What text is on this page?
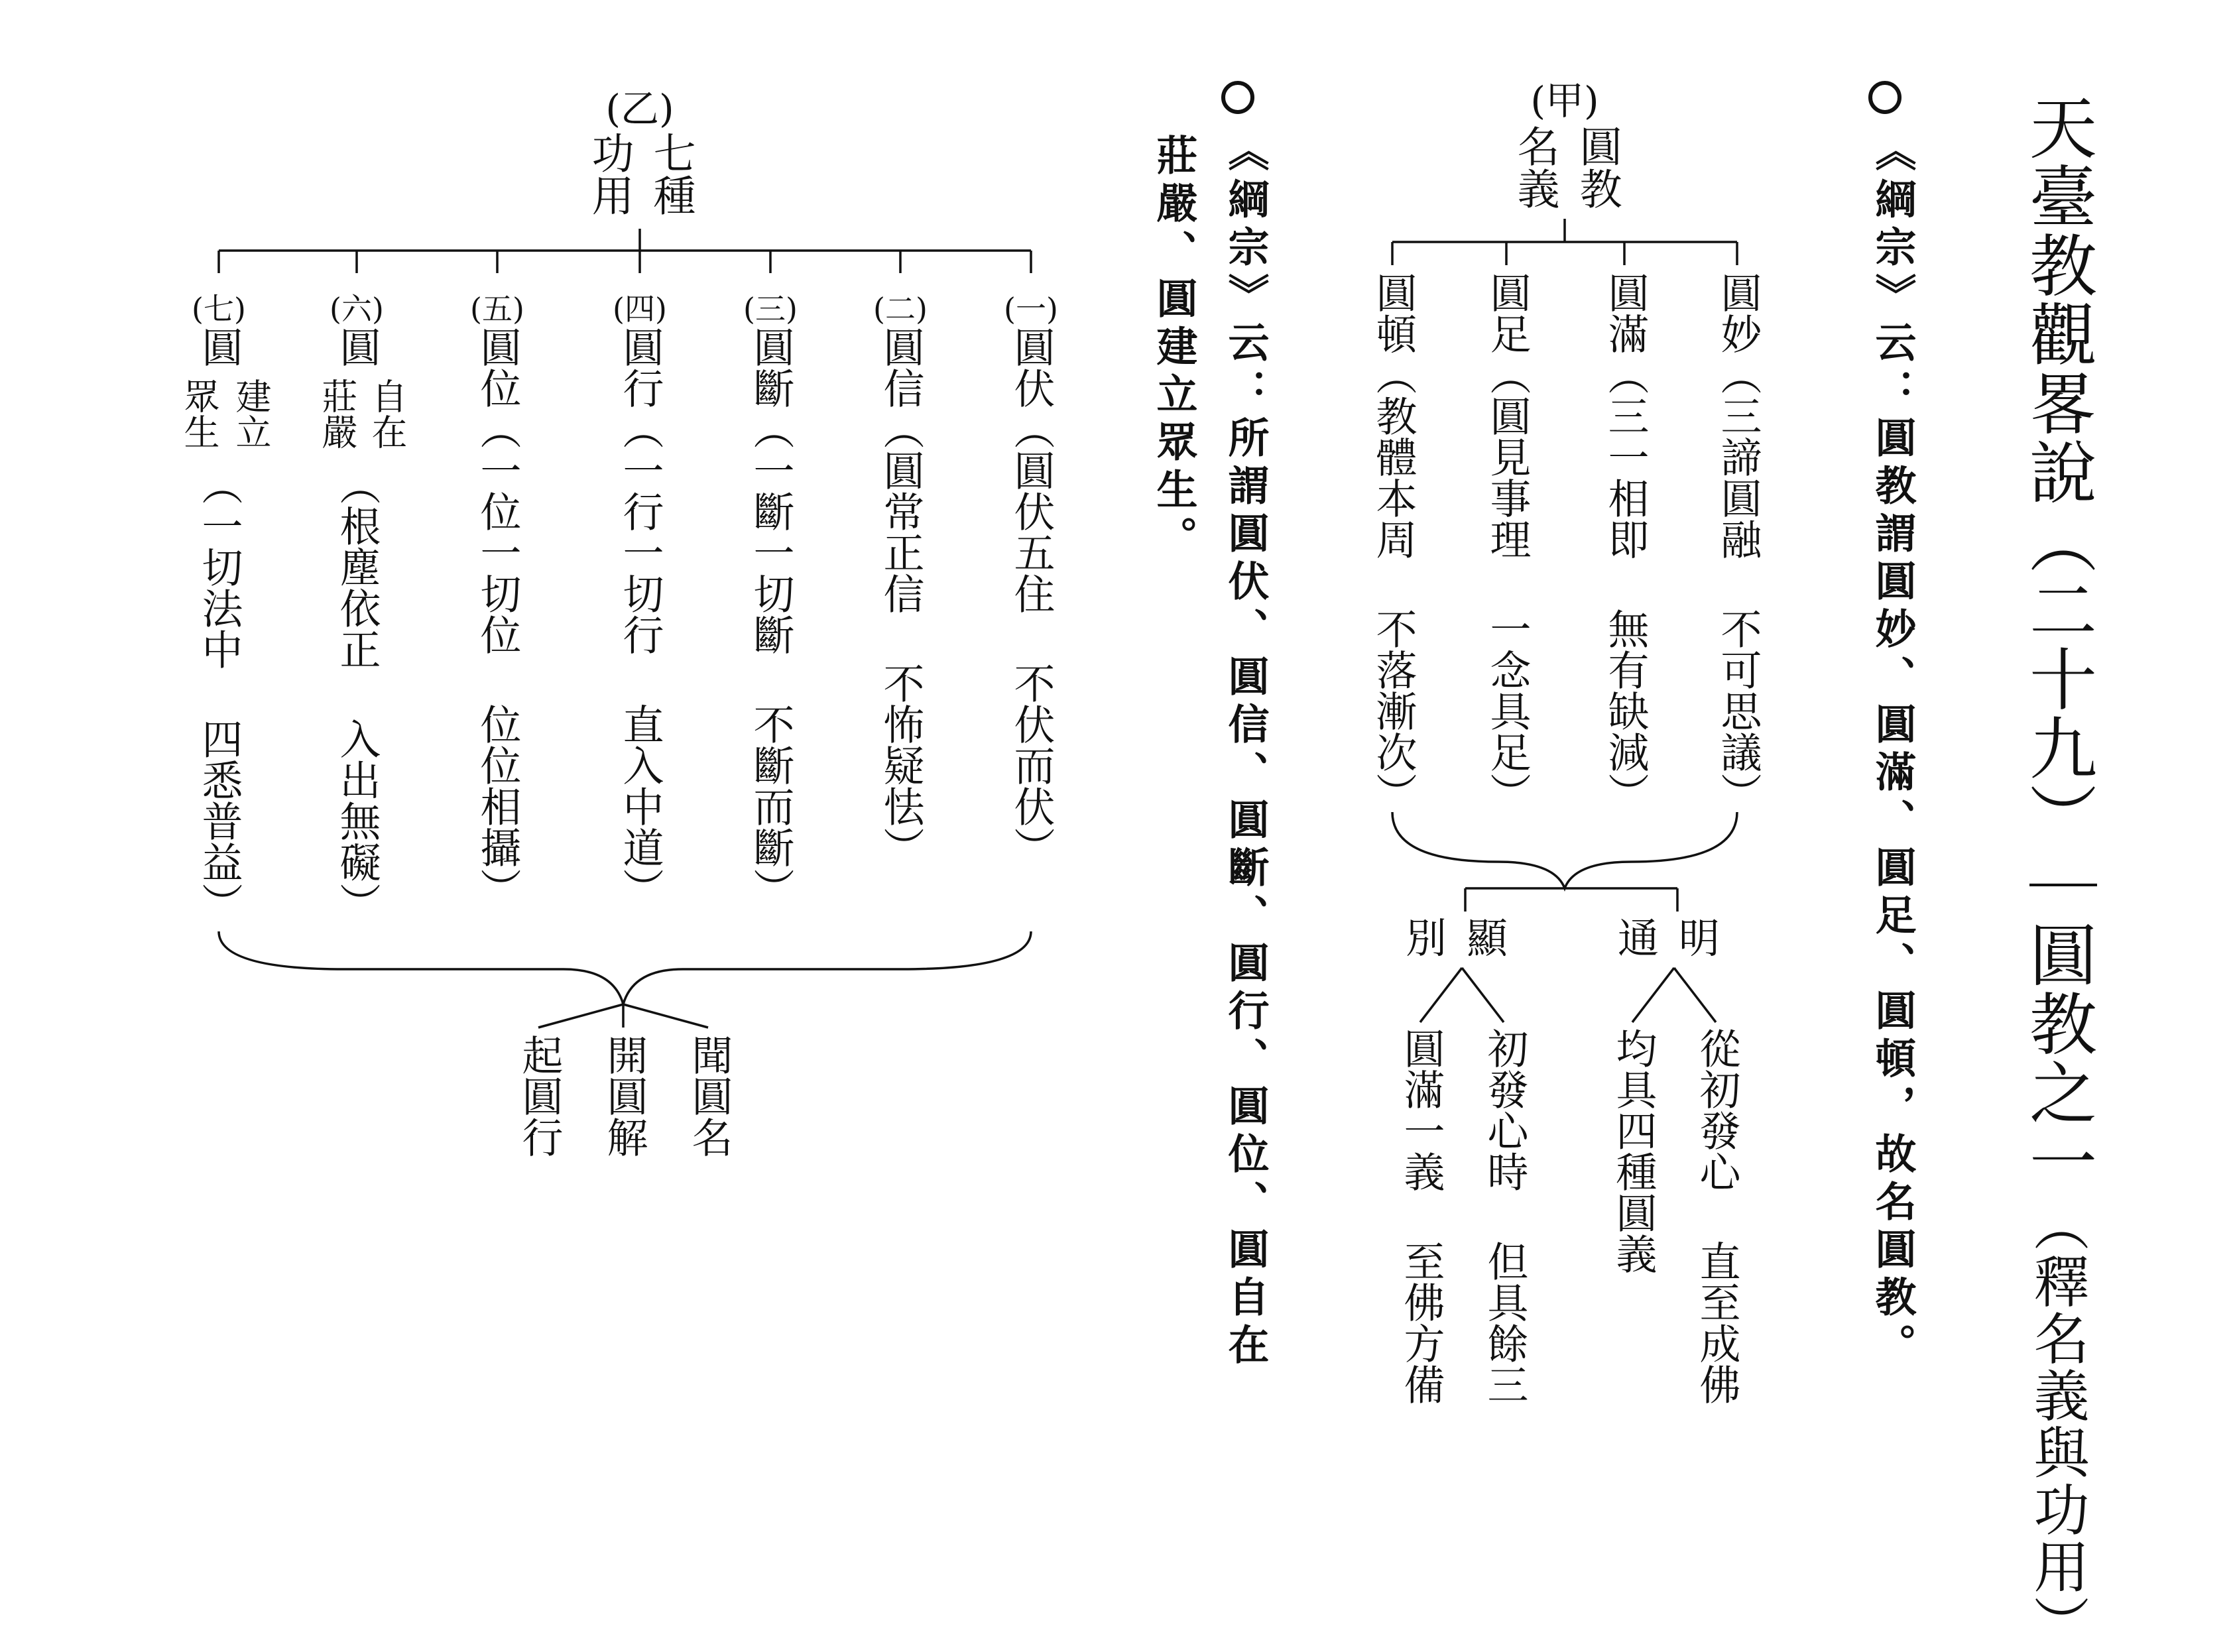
天臺教觀畧說（二十九）｜圓教之一（釋名義與功用）
《綱宗》云：圓教謂圓妙、圓滿、圓足、圓頓，故名圓教。
《綱宗》云：所謂圓伏、圓信、圓斷、圓行、圓位、圓自在
莊嚴、圓建立眾生。
(甲)
圓教
名義
圓妙（三諦圓融 不可思議）
圓滿（三一相即 無有缺減）
圓足（圓見事理 一念具足）
圓頓（教體本周 不落漸次）
通明
別顯
從初發心 直至成佛
均具四種圓義
初發心時 但具餘三
圓滿一義 至佛方備
(乙)
七種
功用
(一)
圓伏（圓伏五住 不伏而伏）
(二)
圓信（圓常正信 不怖疑怯）
(三)
圓斷（一斷一切斷 不斷而斷）
(四)
圓行（一行一切行 直入中道）
(五)
圓位（一位一切位 位位相攝）
(六)
圓
自在
莊嚴
（根塵依正 入出無礙）
(七)
圓
建立
眾生
（一切法中 四悉普益）
聞圓名
開圓解
起圓行
